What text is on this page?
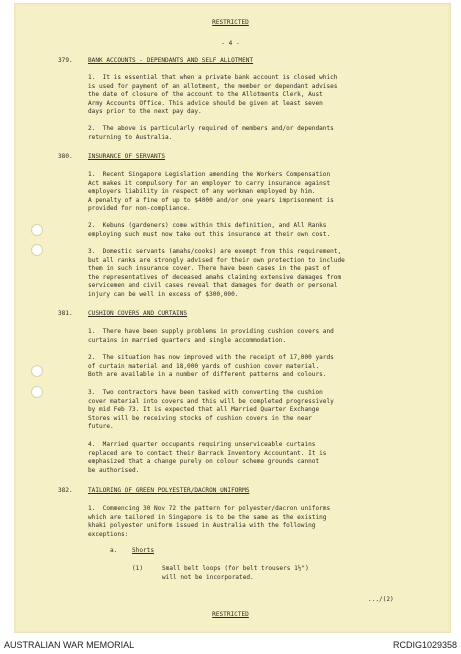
RESTRICTED

- 4 -

379.	BANK ACCOUNTS - DEPENDANTS AND SELF ALLOTMENT

1.  It is essential that when a private bank account is closed which
is used for payment of an allotment, the member or dependant advises
the date of closure of the account to the Allotments Clerk, Aust
Army Accounts Office. This advice should be given at least seven
days prior to the next pay day.

2.  The above is particularly required of members and/or dependants
returning to Australia.

380.	INSURANCE OF SERVANTS

1.  Recent Singapore Legislation amending the Workers Compensation
Act makes it compulsory for an employer to carry insurance against
employers liability in respect of any workman employed by him.
A penalty of a fine of up to $4000 and/or one years imprisonment is
provided for non-compliance.

2.  Kebuns (gardeners) come within this definition, and All Ranks
employing such must now take out this insurance at their own cost.

3.  Domestic servants (amahs/cooks) are exempt from this requirement,
but all ranks are strongly advised for their own protection to include
them in such insurance cover. There have been cases in the past of
the representatives of deceased amahs claiming extensive damages from
servicemen and civil cases reveal that damages for death or personal
injury can be well in excess of $300,000.

381.	CUSHION COVERS AND CURTAINS

1.  There have been supply problems in providing cushion covers and
curtains in married quarters and single accommodation.

2.  The situation has now improved with the receipt of 17,000 yards
of curtain material and 18,000 yards of cushion cover material.
Both are available in a number of different patterns and colours.

3.  Two contractors have been tasked with converting the cushion
cover material into covers and this will be completed progressively
by mid Feb 73. It is expected that all Married Quarter Exchange
Stores will be receiving stocks of cushion covers in the near
future.

4.  Married quarter occupants requiring unserviceable curtains
replaced are to contact their Barrack Inventory Accountant. It is
emphasized that a change purely on colour scheme grounds cannot
be authorised.

382.	TAILORING OF GREEN POLYESTER/DACRON UNIFORMS

1.  Commencing 30 Nov 72 the pattern for polyester/dacron uniforms
which are tailored in Singapore is to be the same as the existing
khaki polyester uniform issued in Australia with the following
exceptions:

a. Shorts

(1)	Small belt loops (for belt trousers 1½")
will not be incorporated.

.../(2)

RESTRICTED

AUSTRALIAN WAR MEMORIAL	RCDIG1029358
